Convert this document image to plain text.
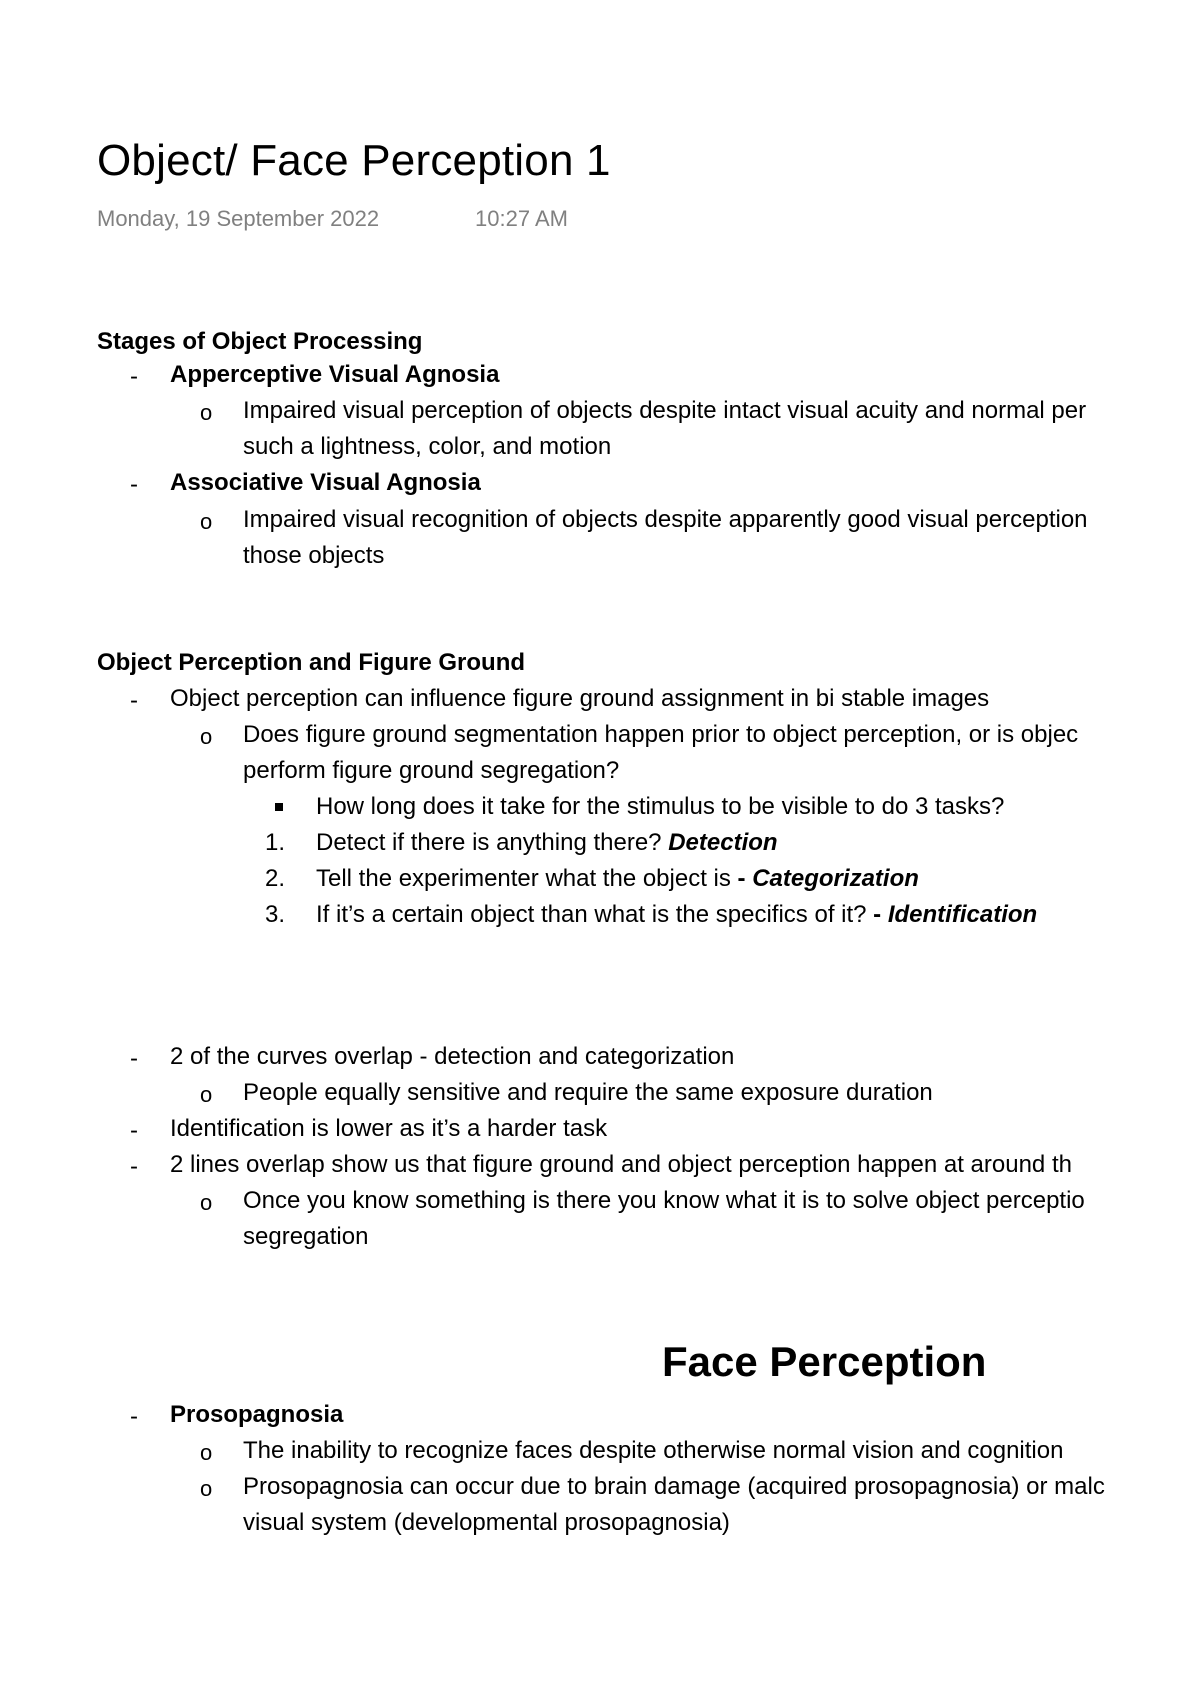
Object/ Face Perception 1
Monday, 19 September 2022	10:27 AM
Stages of Object Processing
-	Apperceptive Visual Agnosia
o Impaired visual perception of objects despite intact visual acuity and normal per
such a lightness, color, and motion
-	Associative Visual Agnosia
o Impaired visual recognition of objects despite apparently good visual perception
those objects
Object Perception and Figure Ground
-	Object perception can influence figure ground assignment in bi stable images
o Does figure ground segmentation happen prior to object perception, or is objec
perform figure ground segregation?
How long does it take for the stimulus to be visible to do 3 tasks?
1. Detect if there is anything there? Detection
2. Tell the experimenter what the object is - Categorization
3. If it’s a certain object than what is the specifics of it? - Identification
-	2 of the curves overlap - detection and categorization
o People equally sensitive and require the same exposure duration
-	Identification is lower as it’s a harder task
-	2 lines overlap show us that figure ground and object perception happen at around th
o Once you know something is there you know what it is to solve object perceptio
segregation
Face Perception
-	Prosopagnosia
o The inability to recognize faces despite otherwise normal vision and cognition
o Prosopagnosia can occur due to brain damage (acquired prosopagnosia) or malc
visual system (developmental prosopagnosia)
